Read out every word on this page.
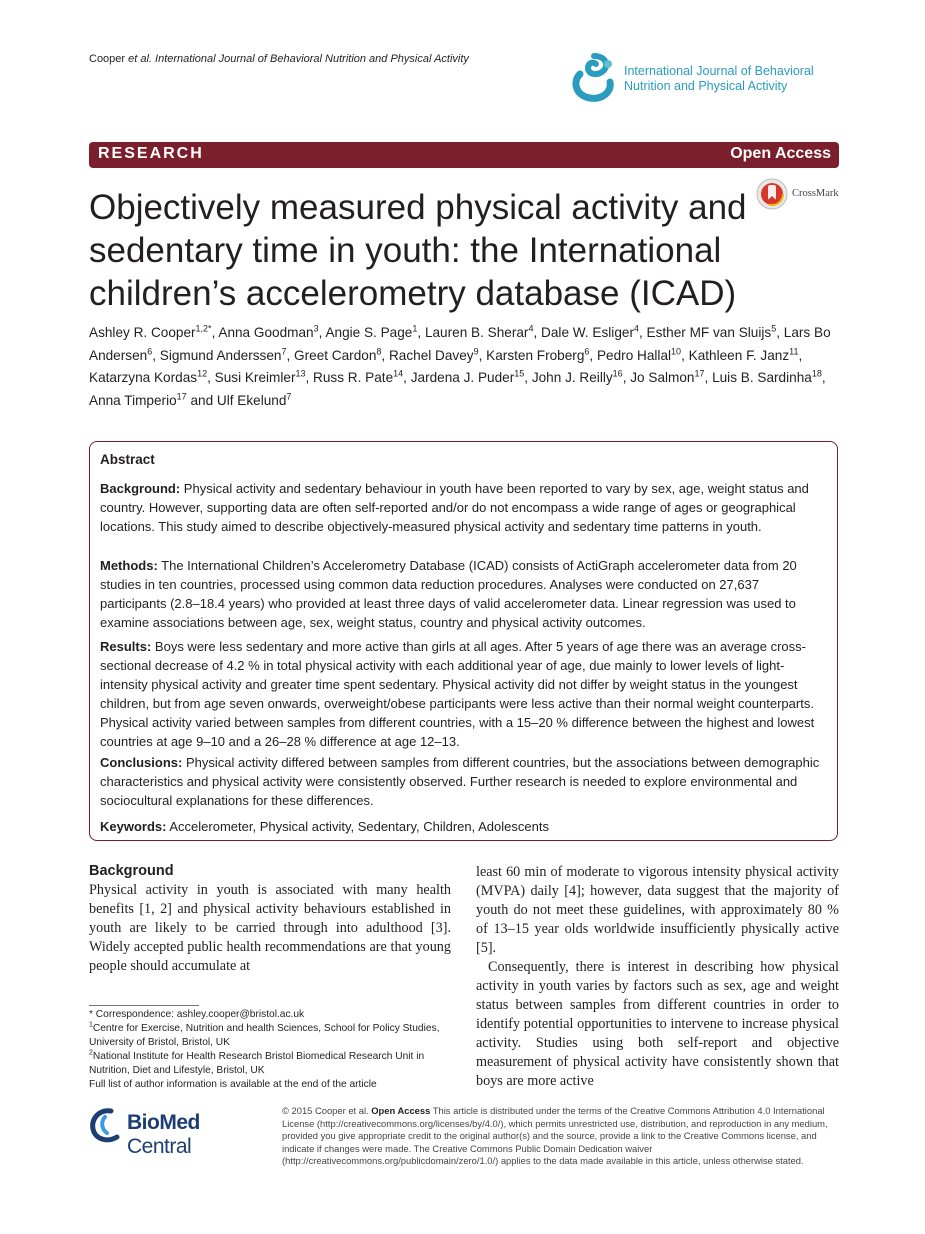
Cooper et al. International Journal of Behavioral Nutrition and Physical Activity
International Journal of Behavioral
Nutrition and Physical Activity
RESEARCH	Open Access
Objectively measured physical activity and sedentary time in youth: the International children’s accelerometry database (ICAD)
CrossMark
Ashley R. Cooper$^{1,2*}$, Anna Goodman$^3$, Angie S. Page$^1$, Lauren B. Sherar$^4$, Dale W. Esliger$^4$, Esther MF van Sluijs$^5$, Lars Bo Andersen$^6$, Sigmund Anderssen$^7$, Greet Cardon$^8$, Rachel Davey$^9$, Karsten Froberg$^6$, Pedro Hallal$^{10}$, Kathleen F. Janz$^{11}$, Katarzyna Kordas$^{12}$, Susi Kreimler$^{13}$, Russ R. Pate$^{14}$, Jardena J. Puder$^{15}$, John J. Reilly$^{16}$, Jo Salmon$^{17}$, Luis B. Sardinha$^{18}$, Anna Timperio$^{17}$ and Ulf Ekelund$^7$
Abstract
Background: Physical activity and sedentary behaviour in youth have been reported to vary by sex, age, weight status and country. However, supporting data are often self-reported and/or do not encompass a wide range of ages or geographical locations. This study aimed to describe objectively-measured physical activity and sedentary time patterns in youth.
Methods: The International Children’s Accelerometry Database (ICAD) consists of ActiGraph accelerometer data from 20 studies in ten countries, processed using common data reduction procedures. Analyses were conducted on 27,637 participants (2.8–18.4 years) who provided at least three days of valid accelerometer data. Linear regression was used to examine associations between age, sex, weight status, country and physical activity outcomes.
Results: Boys were less sedentary and more active than girls at all ages. After 5 years of age there was an average cross-sectional decrease of 4.2 % in total physical activity with each additional year of age, due mainly to lower levels of light-intensity physical activity and greater time spent sedentary. Physical activity did not differ by weight status in the youngest children, but from age seven onwards, overweight/obese participants were less active than their normal weight counterparts. Physical activity varied between samples from different countries, with a 15–20 % difference between the highest and lowest countries at age 9–10 and a 26–28 % difference at age 12–13.
Conclusions: Physical activity differed between samples from different countries, but the associations between demographic characteristics and physical activity were consistently observed. Further research is needed to explore environmental and sociocultural explanations for these differences.
Keywords: Accelerometer, Physical activity, Sedentary, Children, Adolescents
Background
Physical activity in youth is associated with many health benefits [1, 2] and physical activity behaviours established in youth are likely to be carried through into adulthood [3]. Widely accepted public health recommendations are that young people should accumulate at

least 60 min of moderate to vigorous intensity physical activity (MVPA) daily [4]; however, data suggest that the majority of youth do not meet these guidelines, with approximately 80 % of 13–15 year olds worldwide insufficiently physically active [5].

Consequently, there is interest in describing how physical activity in youth varies by factors such as sex, age and weight status between samples from different countries in order to identify potential opportunities to intervene to increase physical activity. Studies using both self-report and objective measurement of physical activity have consistently shown that boys are more active

* Correspondence: ashley.cooper@bristol.ac.uk

$^1$Centre for Exercise, Nutrition and health Sciences, School for Policy Studies, University of Bristol, Bristol, UK

$^2$National Institute for Health Research Bristol Biomedical Research Unit in Nutrition, Diet and Lifestyle, Bristol, UK

Full list of author information is available at the end of the article

BioMed Central
© 2015 Cooper et al. Open Access This article is distributed under the terms of the Creative Commons Attribution 4.0 International License (http://creativecommons.org/licenses/by/4.0/), which permits unrestricted use, distribution, and reproduction in any medium, provided you give appropriate credit to the original author(s) and the source, provide a link to the Creative Commons license, and indicate if changes were made. The Creative Commons Public Domain Dedication waiver (http://creativecommons.org/publicdomain/zero/1.0/) applies to the data made available in this article, unless otherwise stated.
